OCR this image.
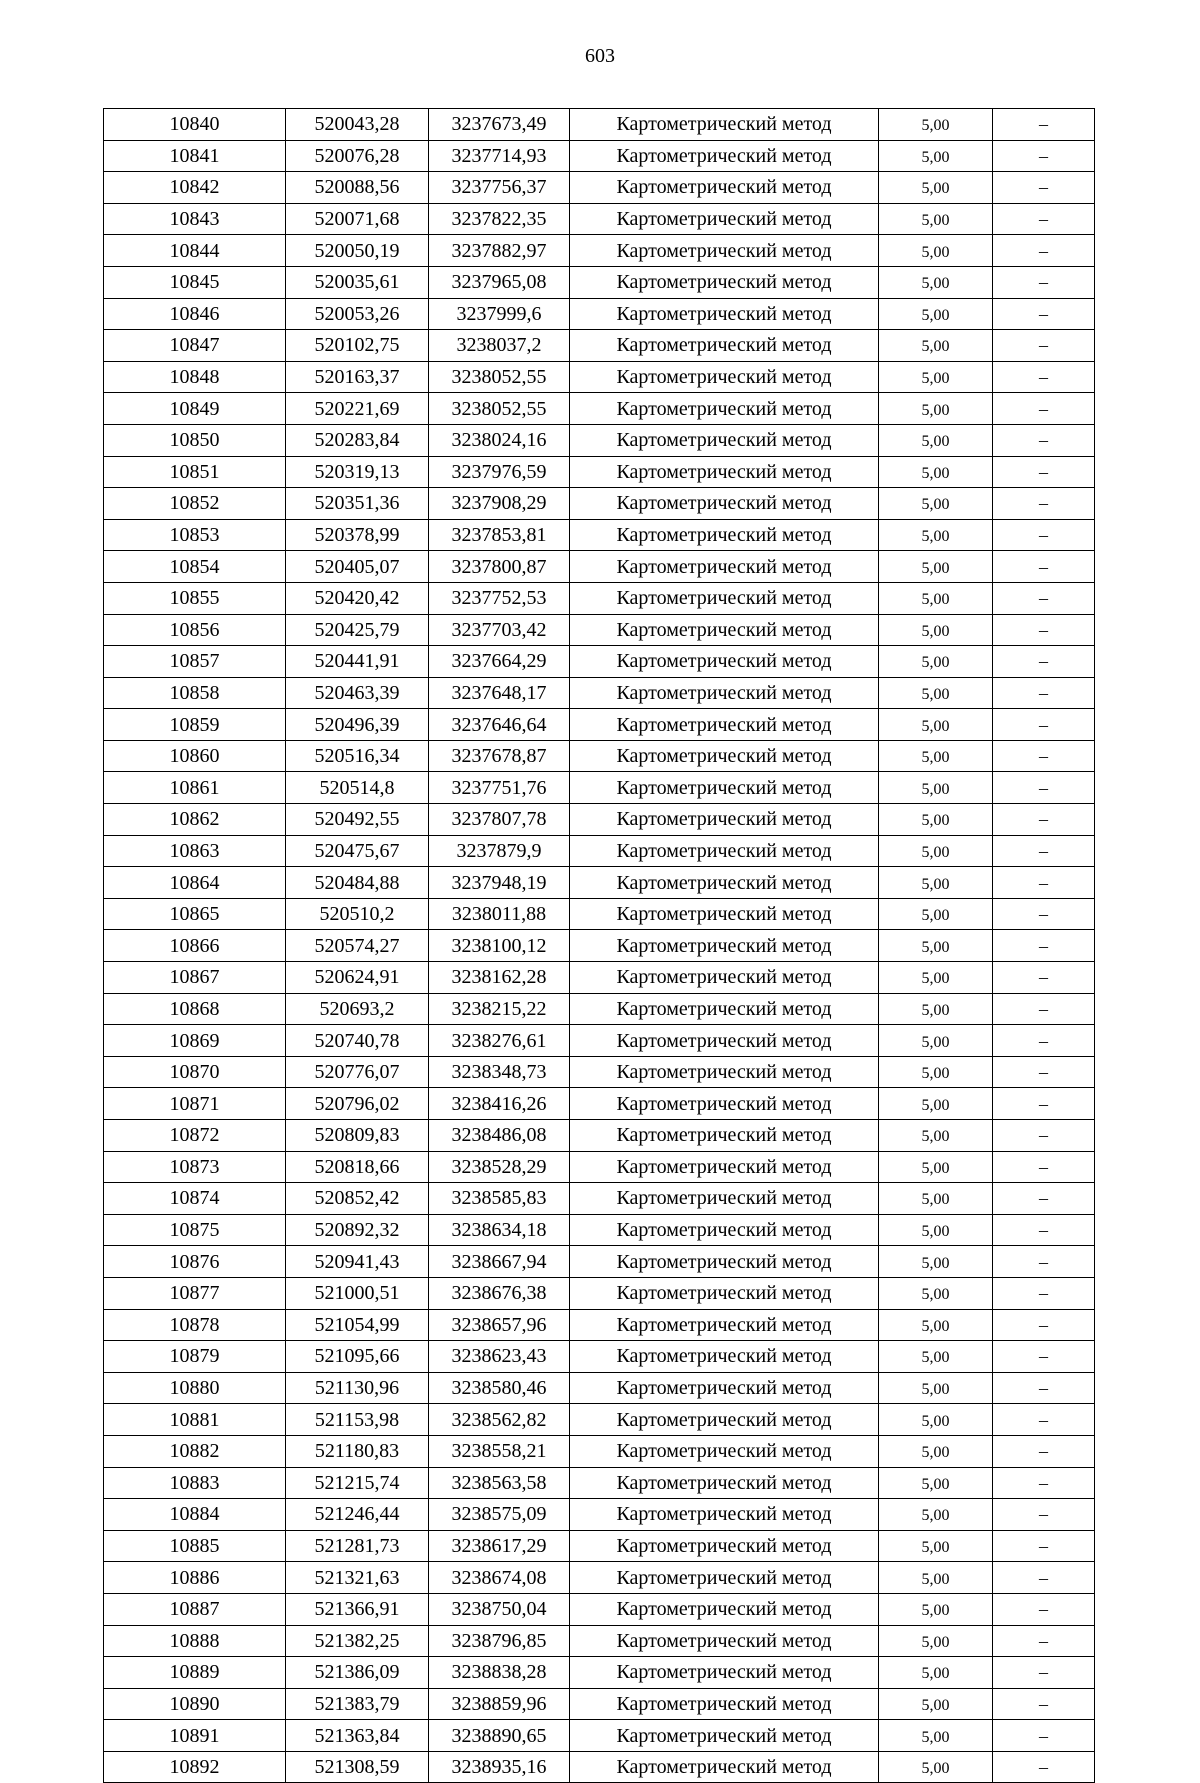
603
10840	520043,28	3237673,49	Картометрический метод	5,00	–
10841	520076,28	3237714,93	Картометрический метод	5,00	–
10842	520088,56	3237756,37	Картометрический метод	5,00	–
10843	520071,68	3237822,35	Картометрический метод	5,00	–
10844	520050,19	3237882,97	Картометрический метод	5,00	–
10845	520035,61	3237965,08	Картометрический метод	5,00	–
10846	520053,26	3237999,6	Картометрический метод	5,00	–
10847	520102,75	3238037,2	Картометрический метод	5,00	–
10848	520163,37	3238052,55	Картометрический метод	5,00	–
10849	520221,69	3238052,55	Картометрический метод	5,00	–
10850	520283,84	3238024,16	Картометрический метод	5,00	–
10851	520319,13	3237976,59	Картометрический метод	5,00	–
10852	520351,36	3237908,29	Картометрический метод	5,00	–
10853	520378,99	3237853,81	Картометрический метод	5,00	–
10854	520405,07	3237800,87	Картометрический метод	5,00	–
10855	520420,42	3237752,53	Картометрический метод	5,00	–
10856	520425,79	3237703,42	Картометрический метод	5,00	–
10857	520441,91	3237664,29	Картометрический метод	5,00	–
10858	520463,39	3237648,17	Картометрический метод	5,00	–
10859	520496,39	3237646,64	Картометрический метод	5,00	–
10860	520516,34	3237678,87	Картометрический метод	5,00	–
10861	520514,8	3237751,76	Картометрический метод	5,00	–
10862	520492,55	3237807,78	Картометрический метод	5,00	–
10863	520475,67	3237879,9	Картометрический метод	5,00	–
10864	520484,88	3237948,19	Картометрический метод	5,00	–
10865	520510,2	3238011,88	Картометрический метод	5,00	–
10866	520574,27	3238100,12	Картометрический метод	5,00	–
10867	520624,91	3238162,28	Картометрический метод	5,00	–
10868	520693,2	3238215,22	Картометрический метод	5,00	–
10869	520740,78	3238276,61	Картометрический метод	5,00	–
10870	520776,07	3238348,73	Картометрический метод	5,00	–
10871	520796,02	3238416,26	Картометрический метод	5,00	–
10872	520809,83	3238486,08	Картометрический метод	5,00	–
10873	520818,66	3238528,29	Картометрический метод	5,00	–
10874	520852,42	3238585,83	Картометрический метод	5,00	–
10875	520892,32	3238634,18	Картометрический метод	5,00	–
10876	520941,43	3238667,94	Картометрический метод	5,00	–
10877	521000,51	3238676,38	Картометрический метод	5,00	–
10878	521054,99	3238657,96	Картометрический метод	5,00	–
10879	521095,66	3238623,43	Картометрический метод	5,00	–
10880	521130,96	3238580,46	Картометрический метод	5,00	–
10881	521153,98	3238562,82	Картометрический метод	5,00	–
10882	521180,83	3238558,21	Картометрический метод	5,00	–
10883	521215,74	3238563,58	Картометрический метод	5,00	–
10884	521246,44	3238575,09	Картометрический метод	5,00	–
10885	521281,73	3238617,29	Картометрический метод	5,00	–
10886	521321,63	3238674,08	Картометрический метод	5,00	–
10887	521366,91	3238750,04	Картометрический метод	5,00	–
10888	521382,25	3238796,85	Картометрический метод	5,00	–
10889	521386,09	3238838,28	Картометрический метод	5,00	–
10890	521383,79	3238859,96	Картометрический метод	5,00	–
10891	521363,84	3238890,65	Картометрический метод	5,00	–
10892	521308,59	3238935,16	Картометрический метод	5,00	–
